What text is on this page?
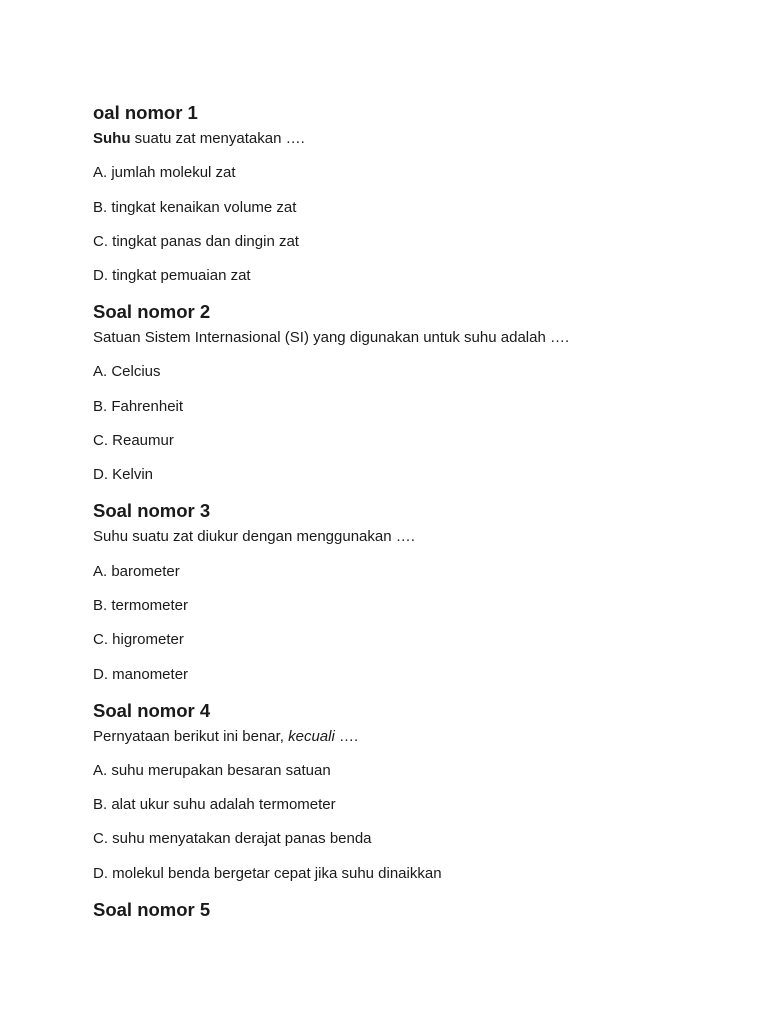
oal nomor 1
Suhu suatu zat menyatakan ….
A. jumlah molekul zat
B. tingkat kenaikan volume zat
C. tingkat panas dan dingin zat
D. tingkat pemuaian zat
Soal nomor 2
Satuan Sistem Internasional (SI) yang digunakan untuk suhu adalah ….
A. Celcius
B. Fahrenheit
C. Reaumur
D. Kelvin
Soal nomor 3
Suhu suatu zat diukur dengan menggunakan ….
A. barometer
B. termometer
C. higrometer
D. manometer
Soal nomor 4
Pernyataan berikut ini benar, kecuali ….
A. suhu merupakan besaran satuan
B. alat ukur suhu adalah termometer
C. suhu menyatakan derajat panas benda
D. molekul benda bergetar cepat jika suhu dinaikkan
Soal nomor 5
